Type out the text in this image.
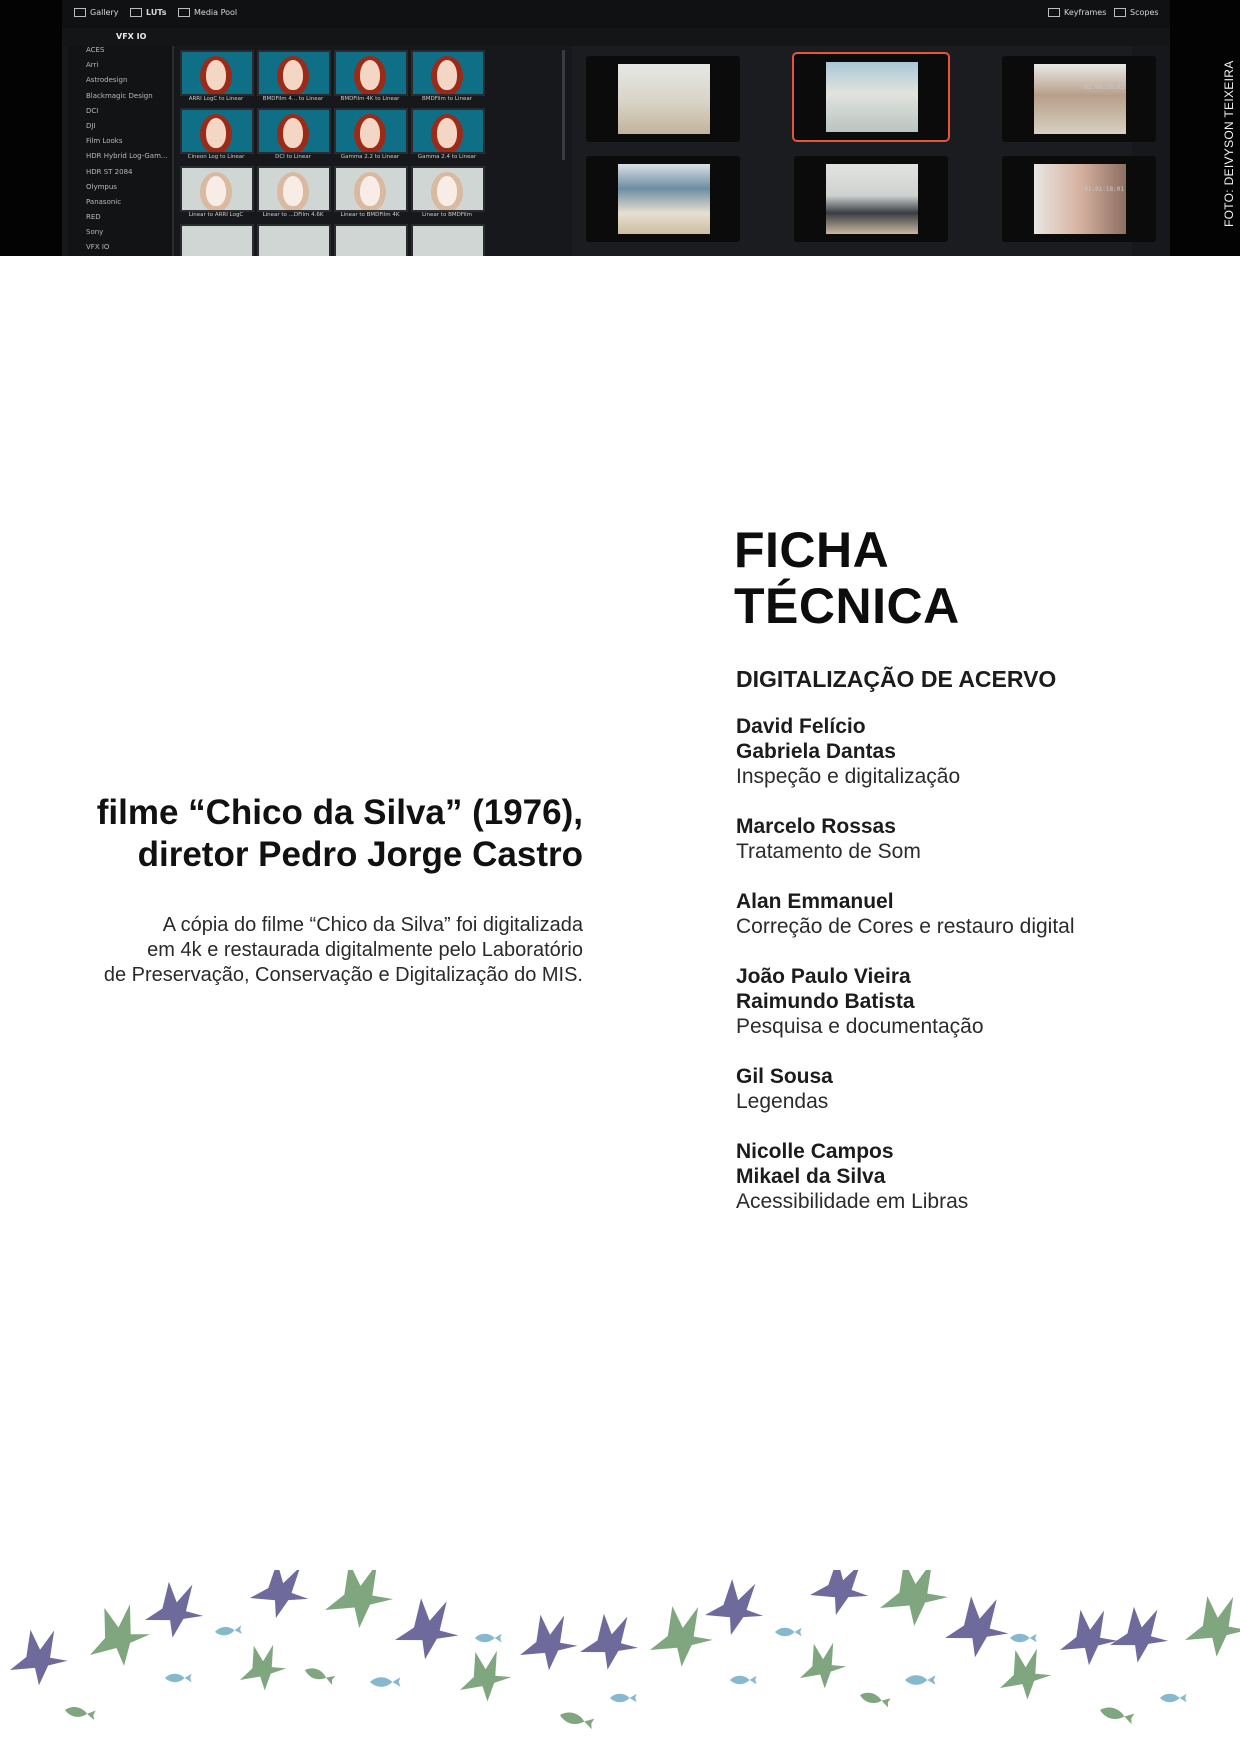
Gallery	LUTs	Media Pool	Keyframes	Scopes
VFX IO
ACES
Arri
Astrodesign
Blackmagic Design
DCI
DJI
Film Looks
HDR Hybrid Log-Gam...
HDR ST 2084
Olympus
Panasonic
RED
Sony
VFX IO
ARRI LogC to Linear	BMDFilm 4... to Linear	BMDFilm 4K to Linear	BMDFilm to Linear
Cineon Log to Linear	DCI to Linear	Gamma 2.2 to Linear	Gamma 2.4 to Linear
Linear to ARRI LogC	Linear to ...DFilm 4.6K	Linear to BMDFilm 4K	Linear to BMDFilm
01:00:58:03
01:01:18:01	FOTO: DEIVYSON TEIXEIRA
filme “Chico da Silva” (1976),
diretor Pedro Jorge Castro
A cópia do filme “Chico da Silva” foi digitalizada
em 4k e restaurada digitalmente pelo Laboratório
de Preservação, Conservação e Digitalização do MIS.
FICHA
TÉCNICA
DIGITALIZAÇÃO DE ACERVO
David Felício
Gabriela Dantas
Inspeção e digitalização
Marcelo Rossas
Tratamento de Som
Alan Emmanuel
Correção de Cores e restauro digital
João Paulo Vieira
Raimundo Batista
Pesquisa e documentação
Gil Sousa
Legendas
Nicolle Campos
Mikael da Silva
Acessibilidade em Libras
